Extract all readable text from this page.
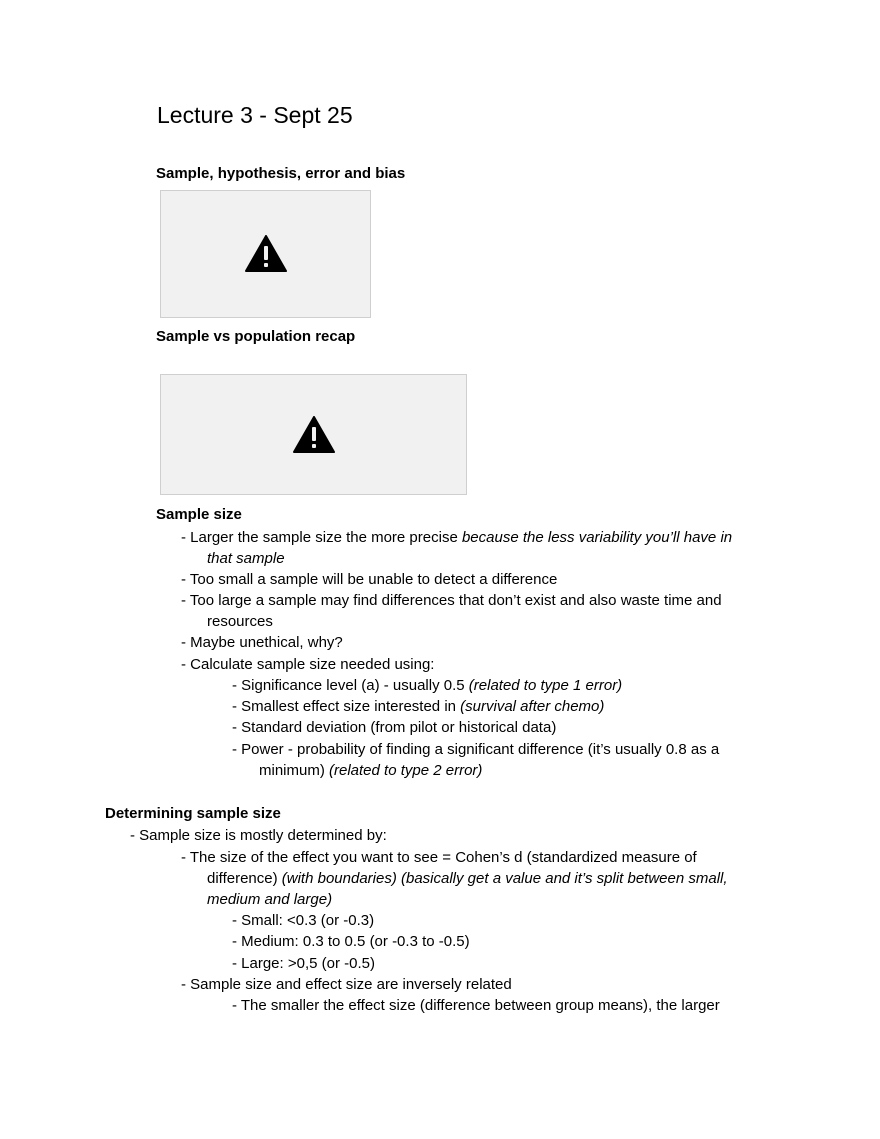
Lecture 3 - Sept 25
Sample, hypothesis, error and bias
Sample vs population recap
Sample size
- Larger the sample size the more precise because the less variability you’ll have in
that sample
- Too small a sample will be unable to detect a difference
- Too large a sample may find differences that don’t exist and also waste time and
resources
- Maybe unethical, why?
- Calculate sample size needed using:
- Significance level (a) - usually 0.5 (related to type 1 error)
- Smallest effect size interested in (survival after chemo)
- Standard deviation (from pilot or historical data)
- Power - probability of finding a significant difference (it’s usually 0.8 as a
minimum) (related to type 2 error)
Determining sample size
- Sample size is mostly determined by:
- The size of the effect you want to see = Cohen’s d (standardized measure of
difference) (with boundaries) (basically get a value and it’s split between small,
medium and large)
- Small: <0.3 (or -0.3)
- Medium: 0.3 to 0.5 (or -0.3 to -0.5)
- Large: >0,5 (or -0.5)
- Sample size and effect size are inversely related
- The smaller the effect size (difference between group means), the larger
